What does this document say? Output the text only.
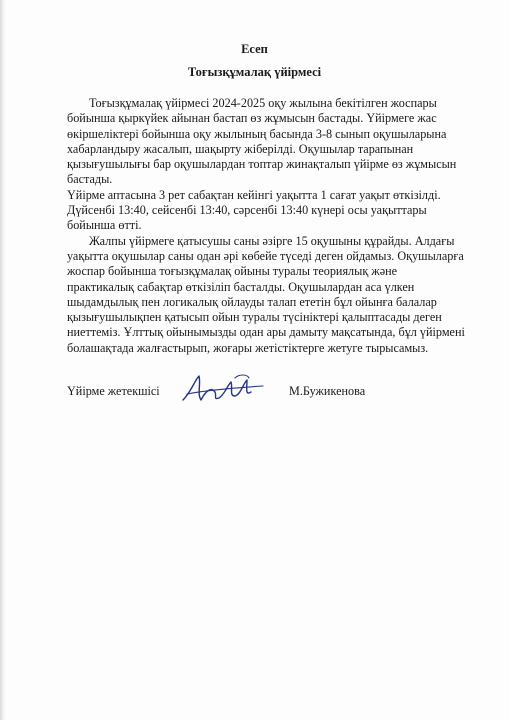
Есеп
Тоғызқұмалақ үйірмесі

Тоғызқұмалақ үйірмесі 2024-2025 оқу жылына бекітілген жоспары бойынша қыркүйек айынан бастап өз жұмысын бастады. Үйірмеге жас өкіршеліктері бойынша оқу жылының басында 3-8 сынып оқушыларына хабарландыру жасалып, шақырту жіберілді. Оқушылар тарапынан қызығушылығы бар оқушылардан топтар жинақталып үйірме өз жұмысын бастады.

Үйірме аптасына 3 рет сабақтан кейінгі уақытта 1 сағат уақыт өткізілді. Дүйсенбі 13:40, сейсенбі 13:40, сәрсенбі 13:40 күнері осы уақыттары бойынша өтті.

Жалпы үйірмеге қатысушы саны әзірге 15 оқушыны құрайды. Алдағы уақытта оқушылар саны одан әрі көбейе түседі деген ойдамыз. Оқушыларға жоспар бойынша тоғызқұмалақ ойыны туралы теориялық және практикалық сабақтар өткізіліп басталды. Оқушылардан аса үлкен шыдамдылық пен логикалық ойлауды талап ететін бұл ойынға балалар қызығушылықпен қатысып ойын туралы түсініктері қалыптасады деген ниеттеміз. Ұлттық ойынымызды одан ары дамыту мақсатында, бұл үйірмені болашақтада жалғастырып, жоғары жетістіктерге жетуге тырысамыз.

Үйірме жетекшісі	М.Бужикенова
